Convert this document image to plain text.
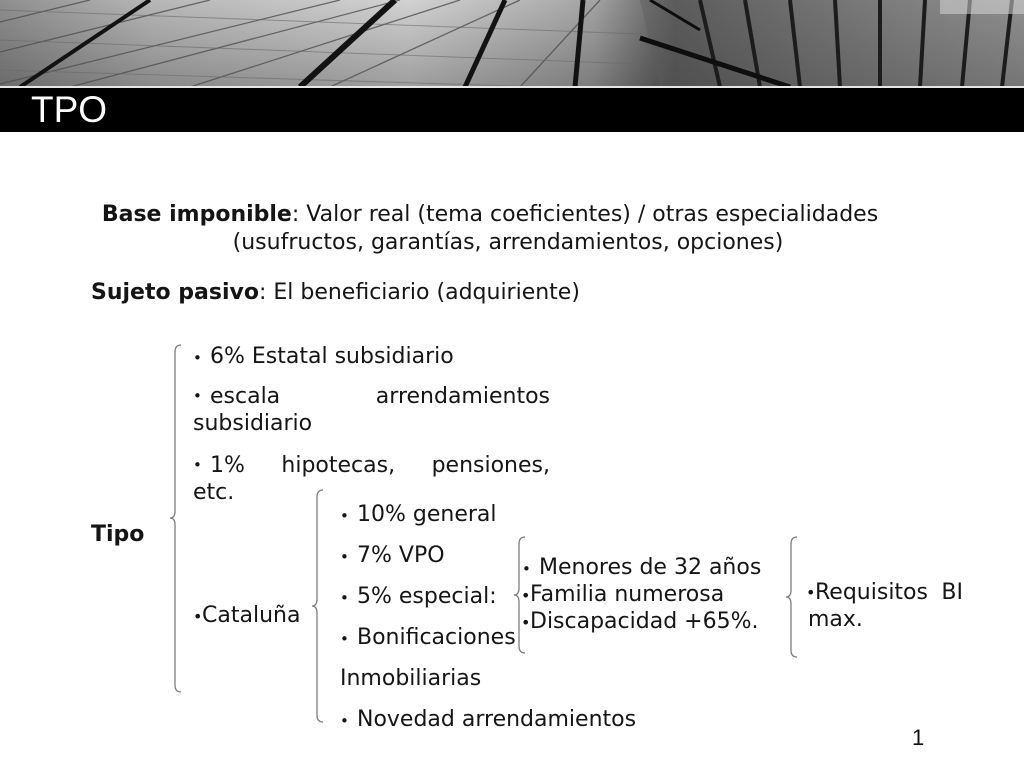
TPO
Base imponible: Valor real (tema coeficientes) / otras especialidades
(usufructos, garantías, arrendamientos, opciones)
Sujeto pasivo: El beneficiario (adquiriente)
Tipo
• 6% Estatal subsidiario
• escala arrendamientos
subsidiario
• 1% hipotecas, pensiones,
etc.
•Cataluña
• 10% general
• 7% VPO
• 5% especial:
• Bonificaciones
Inmobiliarias
• Novedad arrendamientos
• Menores de 32 años
•Familia numerosa
•Discapacidad +65%.
• Requisitos BI
max.
1
